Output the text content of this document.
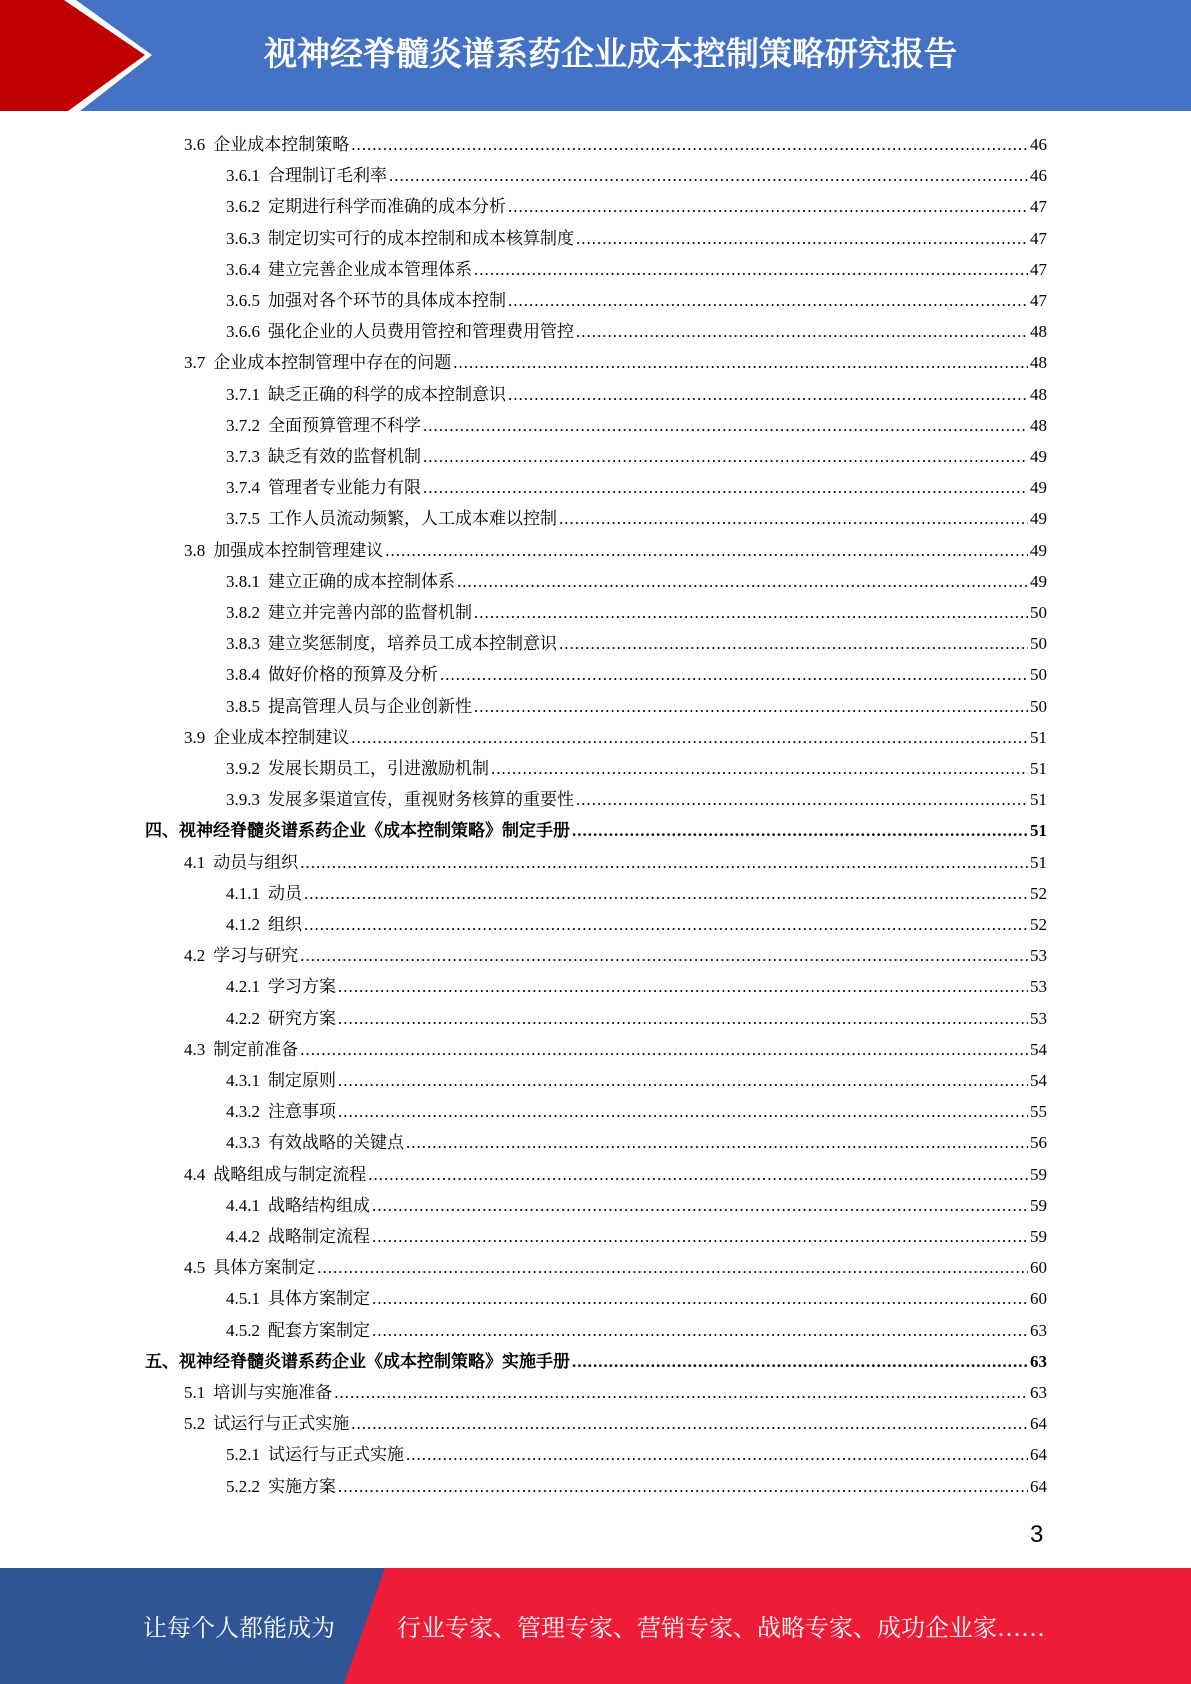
视神经脊髓炎谱系药企业成本控制策略研究报告
3.6 企业成本控制策略 .....	46
3.6.1 合理制订毛利率 .....	46
3.6.2 定期进行科学而准确的成本分析 .....	47
3.6.3 制定切实可行的成本控制和成本核算制度 .....	47
3.6.4 建立完善企业成本管理体系 .....	47
3.6.5 加强对各个环节的具体成本控制 .....	47
3.6.6 强化企业的人员费用管控和管理费用管控 .....	48
3.7 企业成本控制管理中存在的问题 .....	48
3.7.1 缺乏正确的科学的成本控制意识 .....	48
3.7.2 全面预算管理不科学 .....	48
3.7.3 缺乏有效的监督机制 .....	49
3.7.4 管理者专业能力有限 .....	49
3.7.5 工作人员流动频繁，人工成本难以控制 .....	49
3.8 加强成本控制管理建议 .....	49
3.8.1 建立正确的成本控制体系 .....	49
3.8.2 建立并完善内部的监督机制 .....	50
3.8.3 建立奖惩制度，培养员工成本控制意识 .....	50
3.8.4 做好价格的预算及分析 .....	50
3.8.5 提高管理人员与企业创新性 .....	50
3.9 企业成本控制建议 .....	51
3.9.2 发展长期员工，引进激励机制 .....	51
3.9.3 发展多渠道宣传，重视财务核算的重要性 .....	51
四、视神经脊髓炎谱系药企业《成本控制策略》制定手册 .....	51
4.1 动员与组织 .....	51
4.1.1 动员 .....	52
4.1.2 组织 .....	52
4.2 学习与研究 .....	53
4.2.1 学习方案 .....	53
4.2.2 研究方案 .....	53
4.3 制定前准备 .....	54
4.3.1 制定原则 .....	54
4.3.2 注意事项 .....	55
4.3.3 有效战略的关键点 .....	56
4.4 战略组成与制定流程 .....	59
4.4.1 战略结构组成 .....	59
4.4.2 战略制定流程 .....	59
4.5 具体方案制定 .....	60
4.5.1 具体方案制定 .....	60
4.5.2 配套方案制定 .....	63
五、视神经脊髓炎谱系药企业《成本控制策略》实施手册 .....	63
5.1 培训与实施准备 .....	63
5.2 试运行与正式实施 .....	64
5.2.1 试运行与正式实施 .....	64
5.2.2 实施方案 .....	64
3
让每个人都能成为	行业专家、管理专家、营销专家、战略专家、成功企业家……
